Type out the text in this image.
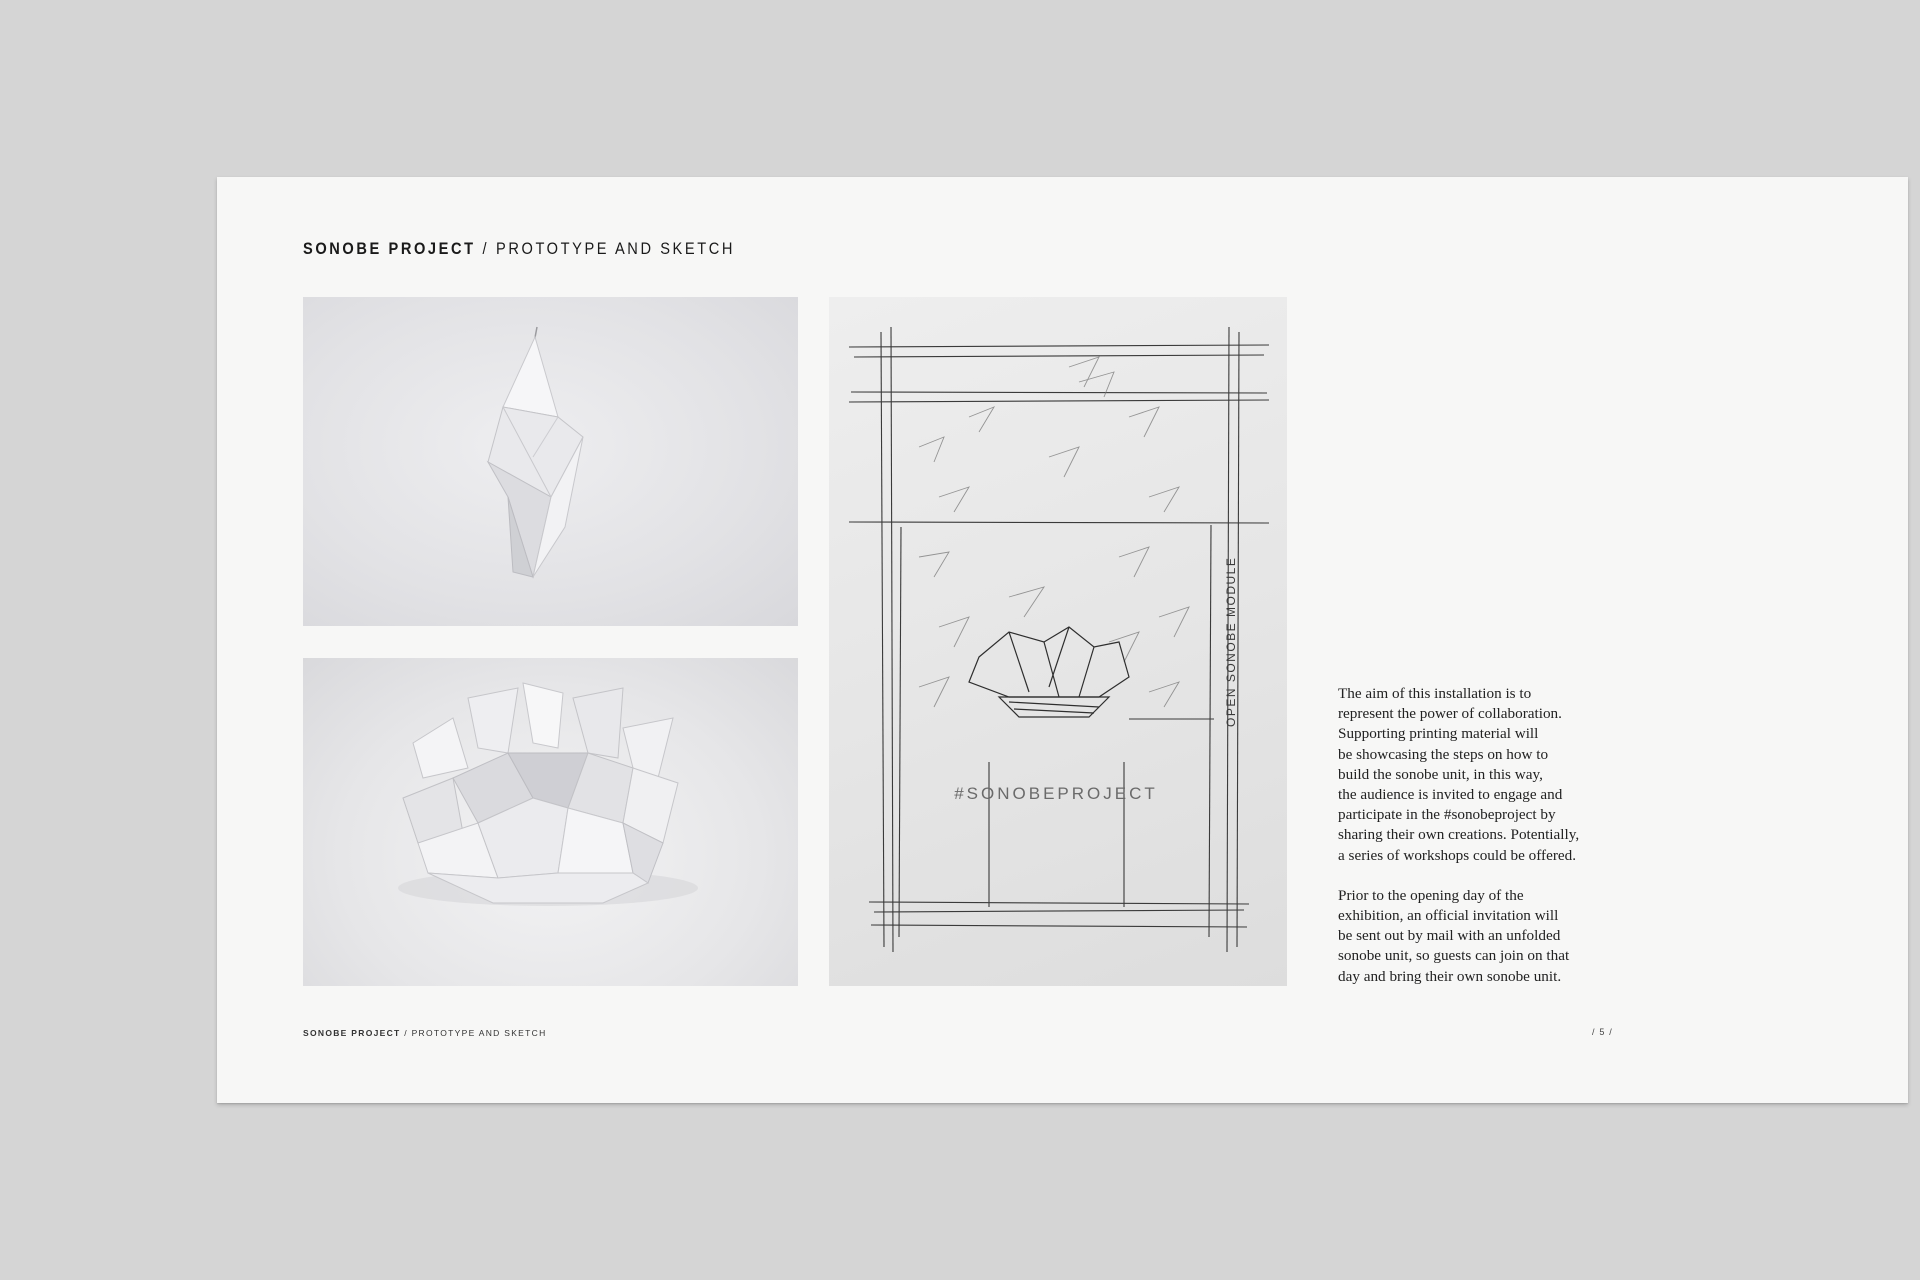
SONOBE PROJECT / PROTOTYPE AND SKETCH
#SONOBEPROJECT
OPEN SONOBE MODULE	The aim of this installation is to
represent the power of collaboration.
Supporting printing material will
be showcasing the steps on how to
build the sonobe unit, in this way,
the audience is invited to engage and
participate in the #sonobeproject by
sharing their own creations. Potentially,
a series of workshops could be offered.

Prior to the opening day of the
exhibition, an official invitation will
be sent out by mail with an unfolded
sonobe unit, so guests can join on that
day and bring their own sonobe unit.

SONOBE PROJECT / PROTOTYPE AND SKETCH	/ 5 /
